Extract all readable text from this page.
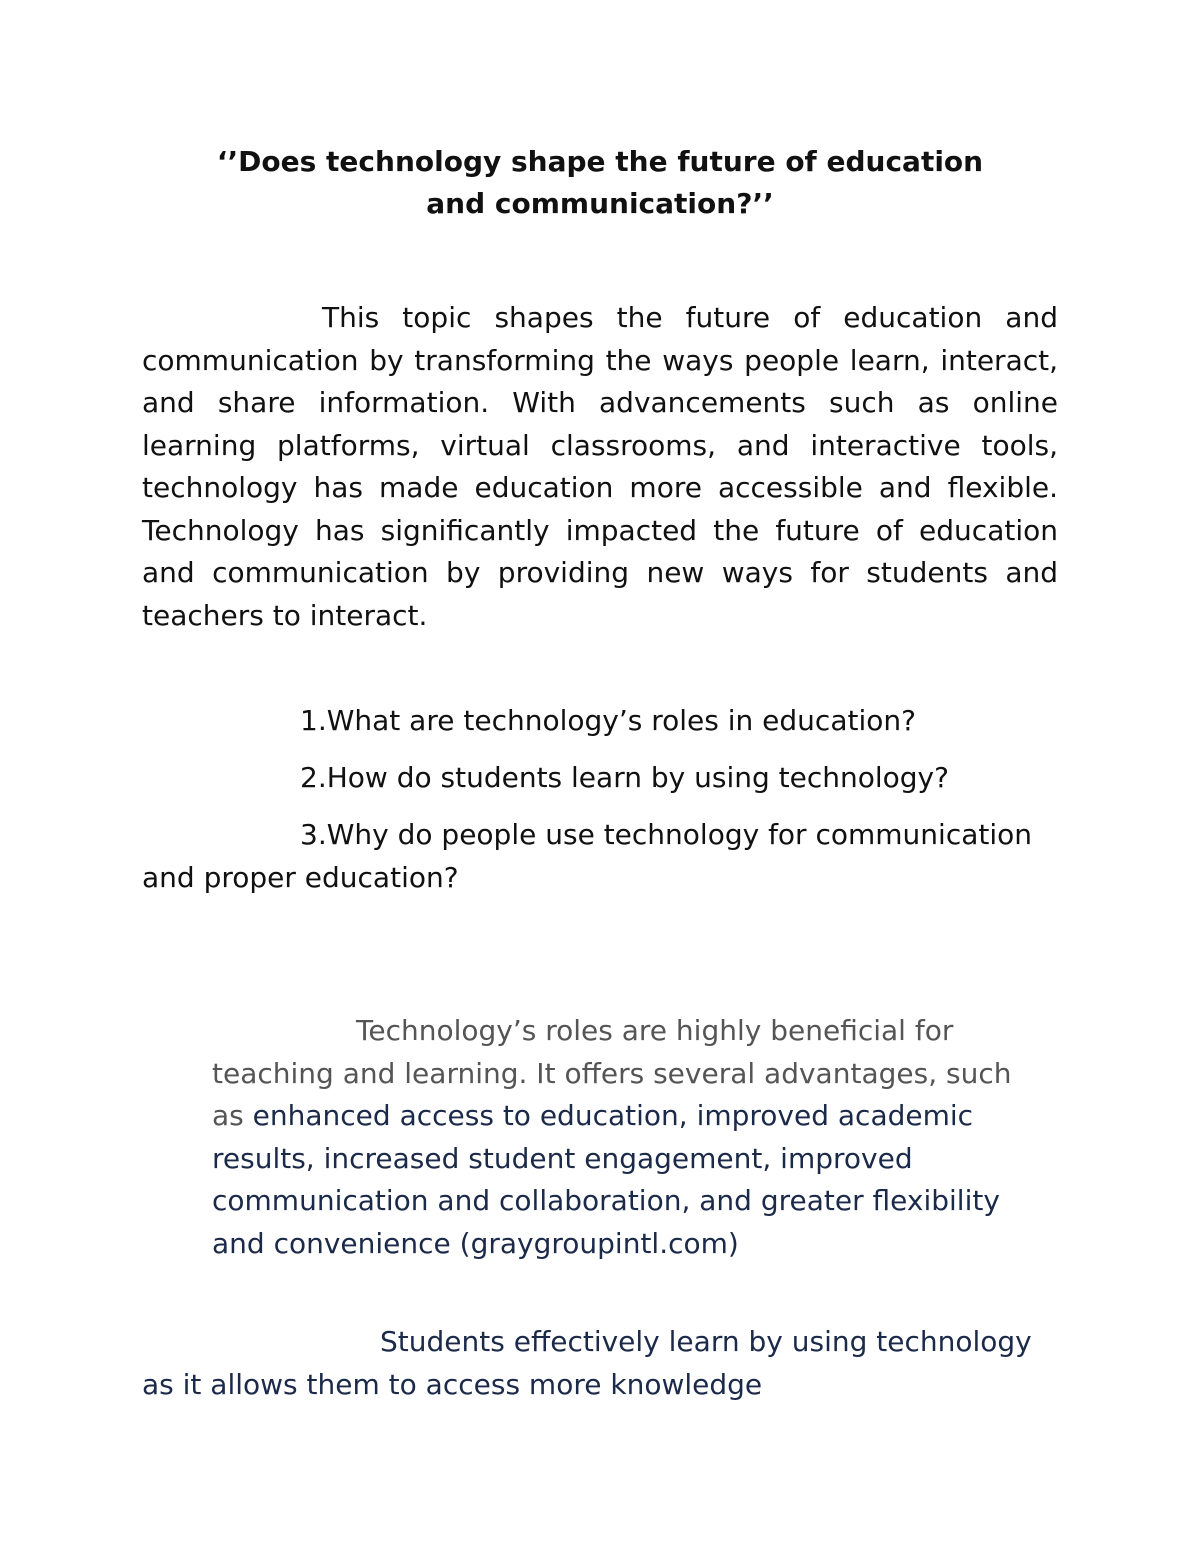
‘’Does technology shape the future of education
and communication?’’

This topic shapes the future of education and communication by transforming the ways people learn, interact, and share information. With advancements such as online learning platforms, virtual classrooms, and interactive tools, technology has made education more accessible and flexible. Technology has significantly impacted the future of education and communication by providing new ways for students and teachers to interact.

1.What are technology’s roles in education?

2.How do students learn by using technology?

3.Why do people use technology for communication and proper education?

Technology’s roles are highly beneficial for teaching and learning. It offers several advantages, such as enhanced access to education, improved academic results, increased student engagement, improved communication and collaboration, and greater flexibility and convenience (graygroupintl.com)

Students effectively learn by using technology as it allows them to access more knowledge
